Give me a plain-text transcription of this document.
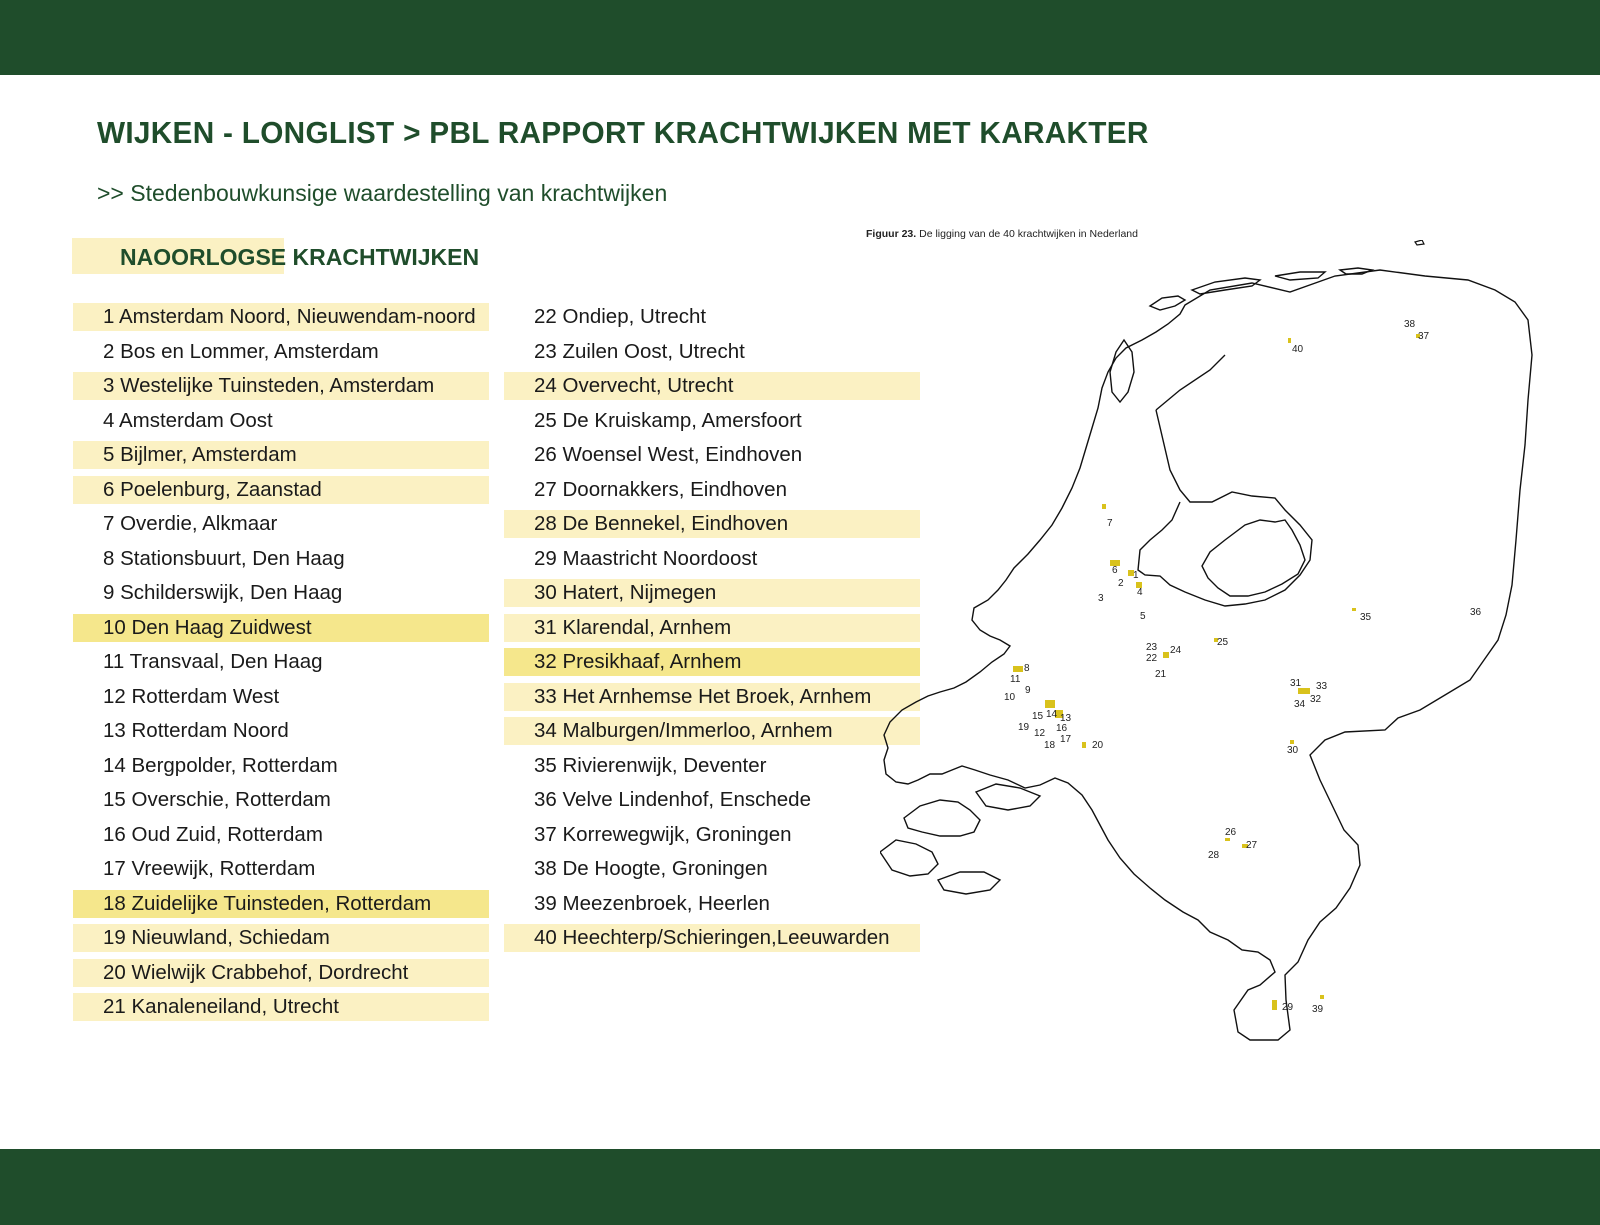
WIJKEN - LONGLIST > PBL RAPPORT KRACHTWIJKEN MET KARAKTER
>> Stedenbouwkunsige waardestelling van krachtwijken
NAOORLOGSE KRACHTWIJKEN
1 Amsterdam Noord, Nieuwendam-noord
2 Bos en Lommer, Amsterdam
3 Westelijke Tuinsteden, Amsterdam
4 Amsterdam Oost
5 Bijlmer, Amsterdam
6 Poelenburg, Zaanstad
7 Overdie, Alkmaar
8 Stationsbuurt, Den Haag
9 Schilderswijk, Den Haag
10 Den Haag Zuidwest
11 Transvaal, Den Haag
12 Rotterdam West
13 Rotterdam Noord
14 Bergpolder, Rotterdam
15 Overschie, Rotterdam
16 Oud Zuid, Rotterdam
17 Vreewijk, Rotterdam
18 Zuidelijke Tuinsteden, Rotterdam
19 Nieuwland, Schiedam
20 Wielwijk Crabbehof, Dordrecht
21 Kanaleneiland, Utrecht
22 Ondiep, Utrecht
23 Zuilen Oost, Utrecht
24 Overvecht, Utrecht
25 De Kruiskamp, Amersfoort
26 Woensel West, Eindhoven
27 Doornakkers, Eindhoven
28 De Bennekel, Eindhoven
29 Maastricht Noordoost
30 Hatert, Nijmegen
31 Klarendal, Arnhem
32 Presikhaaf, Arnhem
33 Het Arnhemse Het Broek, Arnhem
34 Malburgen/Immerloo, Arnhem
35 Rivierenwijk, Deventer
36 Velve Lindenhof, Enschede
37 Korrewegwijk, Groningen
38 De Hoogte, Groningen
39 Meezenbroek, Heerlen
40 Heechterp/Schieringen,Leeuwarden
Figuur 23. De ligging van de 40 krachtwijken in Nederland
1
2
3
4
5
6
7
8
9
10
11
12
13
14
15
16
17
18
19
20
21
22
23 24
25
26
27
28
29
30
31
32
33
34
35	36
37
38
39
40
